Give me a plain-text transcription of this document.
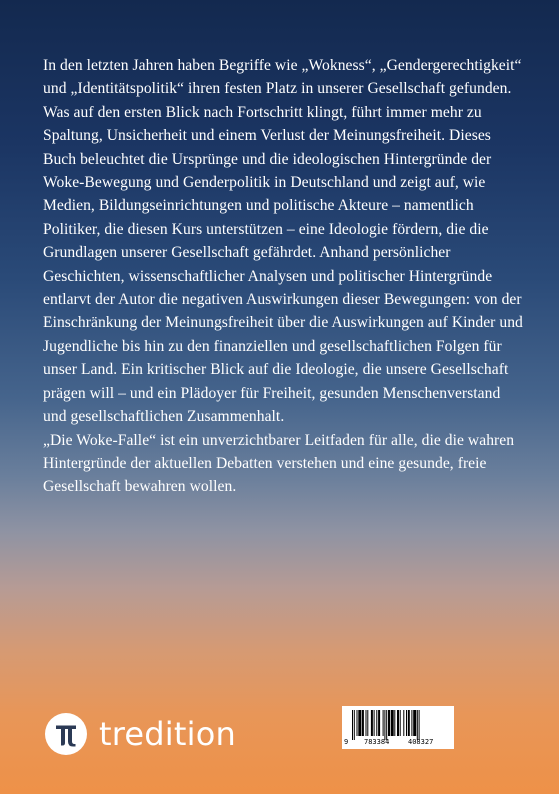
In den letzten Jahren haben Begriffe wie „Wokness“, „Gendergerechtigkeit“ und „Identitätspolitik“ ihren festen Platz in unserer Gesellschaft gefunden. Was auf den ersten Blick nach Fortschritt klingt, führt immer mehr zu Spaltung, Unsicherheit und einem Verlust der Meinungsfreiheit. Dieses Buch beleuchtet die Ursprünge und die ideologischen Hintergründe der Woke-Bewegung und Genderpolitik in Deutschland und zeigt auf, wie Medien, Bildungseinrichtungen und politische Akteure – namentlich Politiker, die diesen Kurs unterstützen – eine Ideologie fördern, die die Grundlagen unserer Gesellschaft gefährdet. Anhand persönlicher Geschichten, wissenschaftlicher Analysen und politischer Hintergründe entlarvt der Autor die negativen Auswirkungen dieser Bewegungen: von der Einschränkung der Meinungsfreiheit über die Auswirkungen auf Kinder und Jugendliche bis hin zu den finanziellen und gesellschaftlichen Folgen für unser Land. Ein kritischer Blick auf die Ideologie, die unsere Gesellschaft prägen will – und ein Plädoyer für Freiheit, gesunden Menschenverstand und gesellschaftlichen Zusammenhalt.

„Die Woke-Falle“ ist ein unverzichtbarer Leitfaden für alle, die die wahren Hintergründe der aktuellen Debatten verstehen und eine gesunde, freie Gesellschaft bewahren wollen.

tredition	9 783384	408327
